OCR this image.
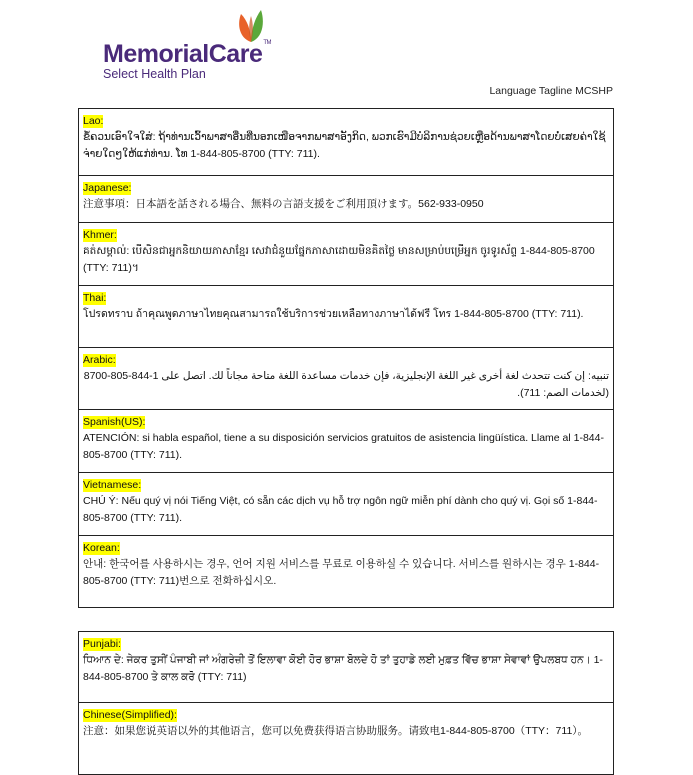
MemorialCare™
Select Health Plan
Language Tagline MCSHP
Lao:

ຂໍ້ຄວນເອົາໃຈໃສ່: ຖ້າທ່ານເວົ້າພາສາອື່ນທີ່ນອກເໜືອຈາກພາສາອັງກິດ, ພວກເຮົາມີບໍລິການຊ່ວຍເຫຼືອດ້ານພາສາໂດຍບໍ່ເສຍຄ່າໃຊ້ຈ່າຍໃດໆໃຫ້ແກ່ທ່ານ. ໂທ 1-844-805-8700 (TTY: 711).

Japanese:

注意事項：日本語を話される場合、無料の言語支援をご利用頂けます。562-933-0950

Khmer:

គត់សម្គាល់: បើសិនជាអ្នកនិយាយភាសាខ្មែរ សេវាជំនួយផ្នែកភាសាដោយមិនគិតថ្លៃ មានសម្រាប់បម្រើអ្នក ចូរទូរស័ព្ទ 1-844-805-8700 (TTY: 711)។

Thai:

โปรดทราบ ถ้าคุณพูดภาษาไทยคุณสามารถใช้บริการช่วยเหลือทางภาษาได้ฟรี โทร 1-844-805-8700 (TTY: 711).

Arabic:

تنبيه: إن كنت تتحدث لغة أخرى غير اللغة الإنجليزية، فإن خدمات مساعدة اللغة متاحة مجاناً لك. اتصل على 1-844-805-8700 (لخدمات الصم: 711).

Spanish(US):

ATENCIÓN: si habla español, tiene a su disposición servicios gratuitos de asistencia lingüística. Llame al 1-844-805-8700 (TTY: 711).

Vietnamese:

CHÚ Ý: Nếu quý vị nói Tiếng Việt, có sẵn các dịch vụ hỗ trợ ngôn ngữ miễn phí dành cho quý vị. Gọi số 1-844-805-8700 (TTY: 711).

Korean:

안내: 한국어를 사용하시는 경우, 언어 지원 서비스를 무료로 이용하실 수 있습니다. 서비스를 원하시는 경우 1-844-805-8700 (TTY: 711)번으로 전화하십시오.

Punjabi:

ਧਿਆਨ ਦੇ: ਜੇਕਰ ਤੁਸੀਂ ਪੰਜਾਬੀ ਜਾਂ ਅੰਗਰੇਜ਼ੀ ਤੋਂ ਇਲਾਵਾ ਕੋਈ ਹੋਰ ਭਾਸ਼ਾ ਬੋਲਦੇ ਹੋ ਤਾਂ ਤੁਹਾਡੇ ਲਈ ਮੁਫ਼ਤ ਵਿੱਚ ਭਾਸ਼ਾ ਸੇਵਾਵਾਂ ਉਪਲਬਧ ਹਨ। 1-844-805-8700 ਤੇ ਕਾਲ ਕਰੋ (TTY: 711)

Chinese(Simplified):

注意：如果您说英语以外的其他语言，您可以免费获得语言协助服务。请致电1-844-805-8700（TTY：711）。
